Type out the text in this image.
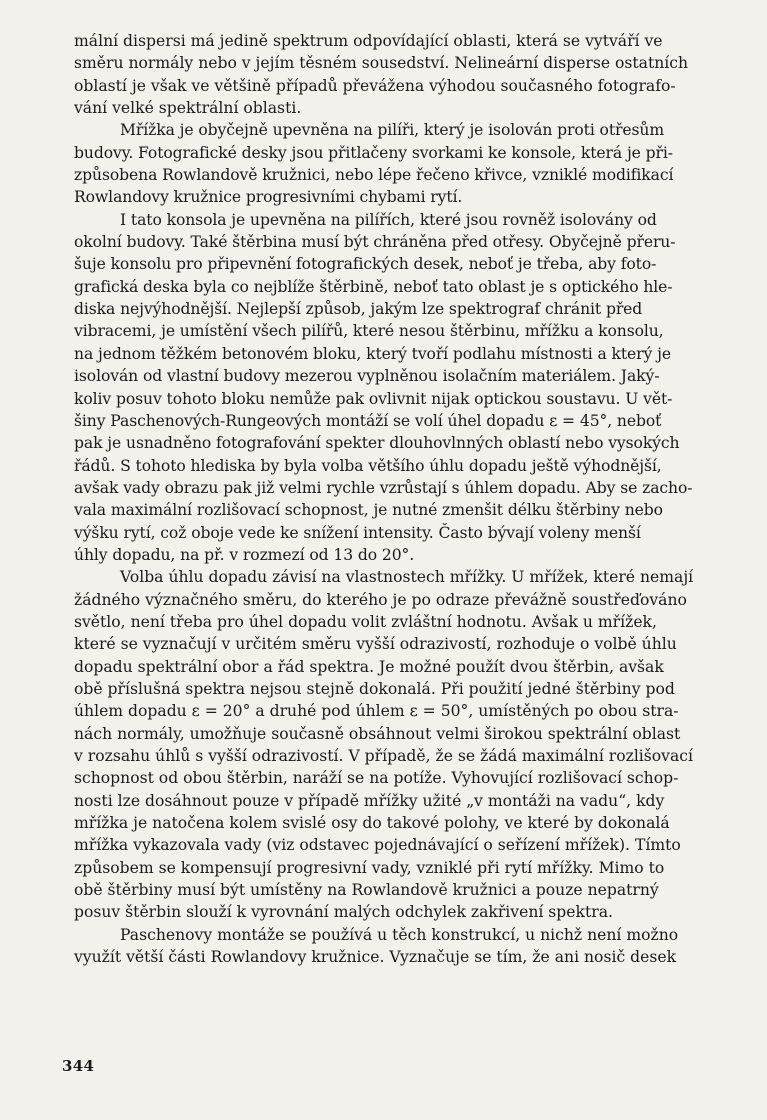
mální dispersi má jedině spektrum odpovídající oblasti, která se vytváří ve
směru normály nebo v jejím těsném sousedství. Nelineární disperse ostatních
oblastí je však ve většině případů převážena výhodou současného fotografo-
vání velké spektrální oblasti.
Mřížka je obyčejně upevněna na pilíři, který je isolován proti otřesům
budovy. Fotografické desky jsou přitlačeny svorkami ke konsole, která je při-
způsobena Rowlandově kružnici, nebo lépe řečeno křivce, vzniklé modifikací
Rowlandovy kružnice progresivními chybami rytí.
I tato konsola je upevněna na pilířích, které jsou rovněž isolovány od
okolní budovy. Také štěrbina musí být chráněna před otřesy. Obyčejně přeru-
šuje konsolu pro připevnění fotografických desek, neboť je třeba, aby foto-
grafická deska byla co nejblíže štěrbině, neboť tato oblast je s optického hle-
diska nejvýhodnější. Nejlepší způsob, jakým lze spektrograf chránit před
vibracemi, je umístění všech pilířů, které nesou štěrbinu, mřížku a konsolu,
na jednom těžkém betonovém bloku, který tvoří podlahu místnosti a který je
isolován od vlastní budovy mezerou vyplněnou isolačním materiálem. Jaký-
koliv posuv tohoto bloku nemůže pak ovlivnit nijak optickou soustavu. U vět-
šiny Paschenových-Rungeových montáží se volí úhel dopadu ε = 45°, neboť
pak je usnadněno fotografování spekter dlouhovlnných oblastí nebo vysokých
řádů. S tohoto hlediska by byla volba většího úhlu dopadu ještě výhodnější,
avšak vady obrazu pak již velmi rychle vzrůstají s úhlem dopadu. Aby se zacho-
vala maximální rozlišovací schopnost, je nutné zmenšit délku štěrbiny nebo
výšku rytí, což oboje vede ke snížení intensity. Často bývají voleny menší
úhly dopadu, na př. v rozmezí od 13 do 20°.
Volba úhlu dopadu závisí na vlastnostech mřížky. U mřížek, které nemají
žádného význačného směru, do kterého je po odraze převážně soustřeďováno
světlo, není třeba pro úhel dopadu volit zvláštní hodnotu. Avšak u mřížek,
které se vyznačují v určitém směru vyšší odrazivostí, rozhoduje o volbě úhlu
dopadu spektrální obor a řád spektra. Je možné použít dvou štěrbin, avšak
obě příslušná spektra nejsou stejně dokonalá. Při použití jedné štěrbiny pod
úhlem dopadu ε = 20° a druhé pod úhlem ε = 50°, umístěných po obou stra-
nách normály, umožňuje současně obsáhnout velmi širokou spektrální oblast
v rozsahu úhlů s vyšší odrazivostí. V případě, že se žádá maximální rozlišovací
schopnost od obou štěrbin, naráží se na potíže. Vyhovující rozlišovací schop-
nosti lze dosáhnout pouze v případě mřížky užité „v montáži na vadu“, kdy
mřížka je natočena kolem svislé osy do takové polohy, ve které by dokonalá
mřížka vykazovala vady (viz odstavec pojednávající o seřízení mřížek). Tímto
způsobem se kompensují progresivní vady, vzniklé při rytí mřížky. Mimo to
obě štěrbiny musí být umístěny na Rowlandově kružnici a pouze nepatrný
posuv štěrbin slouží k vyrovnání malých odchylek zakřivení spektra.
Paschenovy montáže se používá u těch konstrukcí, u nichž není možno
využít větší části Rowlandovy kružnice. Vyznačuje se tím, že ani nosič desek
344
